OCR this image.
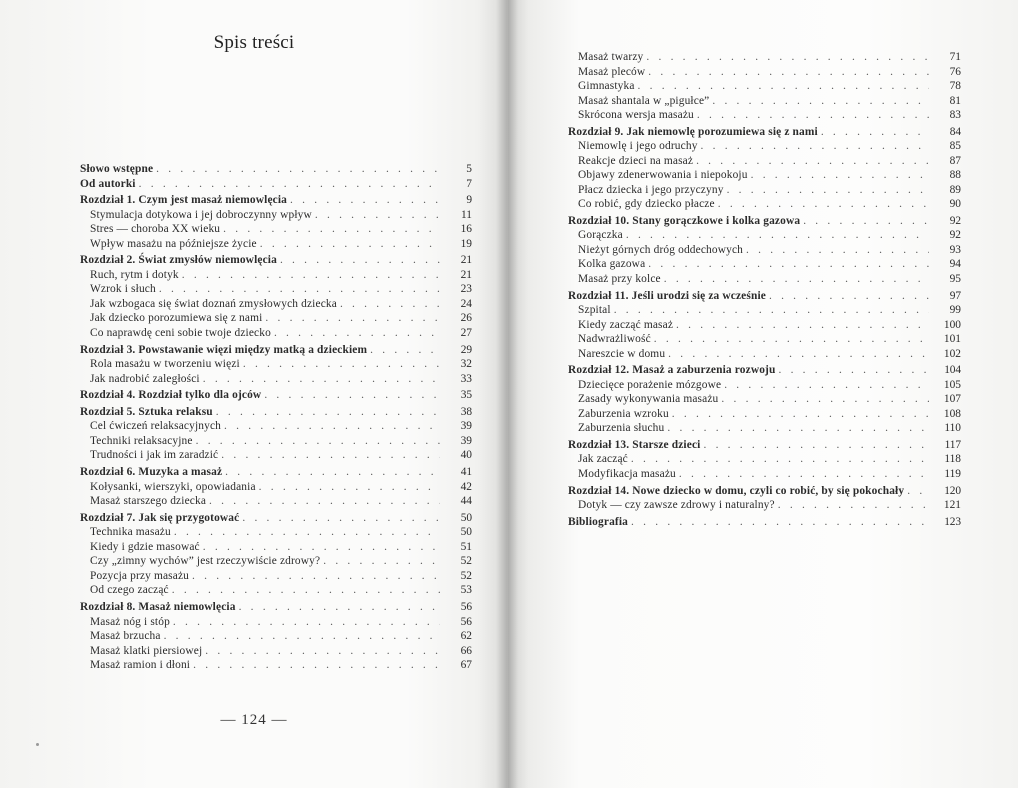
Spis treści
Słowo wstępne . . .	5
Od autorki . . .	7
Rozdział 1. Czym jest masaż niemowlęcia . . .	9
Stymulacja dotykowa i jej dobroczynny wpływ . . .	11
Stres — choroba XX wieku . . .	16
Wpływ masażu na późniejsze życie . . .	19
Rozdział 2. Świat zmysłów niemowlęcia . . .	21
Ruch, rytm i dotyk . . .	21
Wzrok i słuch . . .	23
Jak wzbogaca się świat doznań zmysłowych dziecka . . .	24
Jak dziecko porozumiewa się z nami . . .	26
Co naprawdę ceni sobie twoje dziecko . . .	27
Rozdział 3. Powstawanie więzi między matką a dzieckiem . . .	29
Rola masażu w tworzeniu więzi . . .	32
Jak nadrobić zaległości . . .	33
Rozdział 4. Rozdział tylko dla ojców . . .	35
Rozdział 5. Sztuka relaksu . . .	38
Cel ćwiczeń relaksacyjnych . . .	39
Techniki relaksacyjne . . .	39
Trudności i jak im zaradzić . . .	40
Rozdział 6. Muzyka a masaż . . .	41
Kołysanki, wierszyki, opowiadania . . .	42
Masaż starszego dziecka . . .	44
Rozdział 7. Jak się przygotować . . .	50
Technika masażu . . .	50
Kiedy i gdzie masować . . .	51
Czy „zimny wychów” jest rzeczywiście zdrowy? . . .	52
Pozycja przy masażu . . .	52
Od czego zacząć . . .	53
Rozdział 8. Masaż niemowlęcia . . .	56
Masaż nóg i stóp . . .	56
Masaż brzucha . . .	62
Masaż klatki piersiowej . . .	66
Masaż ramion i dłoni . . .	67
— 124 —
Masaż twarzy . . .	71
Masaż pleców . . .	76
Gimnastyka . . .	78
Masaż shantala w „pigułce” . . .	81
Skrócona wersja masażu . . .	83
Rozdział 9. Jak niemowlę porozumiewa się z nami . . .	84
Niemowlę i jego odruchy . . .	85
Reakcje dzieci na masaż . . .	87
Objawy zdenerwowania i niepokoju . . .	88
Płacz dziecka i jego przyczyny . . .	89
Co robić, gdy dziecko płacze . . .	90
Rozdział 10. Stany gorączkowe i kolka gazowa . . .	92
Gorączka . . .	92
Nieżyt górnych dróg oddechowych . . .	93
Kolka gazowa . . .	94
Masaż przy kolce . . .	95
Rozdział 11. Jeśli urodzi się za wcześnie . . .	97
Szpital . . .	99
Kiedy zacząć masaż . . .	100
Nadwrażliwość . . .	101
Nareszcie w domu . . .	102
Rozdział 12. Masaż a zaburzenia rozwoju . . .	104
Dziecięce porażenie mózgowe . . .	105
Zasady wykonywania masażu . . .	107
Zaburzenia wzroku . . .	108
Zaburzenia słuchu . . .	110
Rozdział 13. Starsze dzieci . . .	117
Jak zacząć . . .	118
Modyfikacja masażu . . .	119
Rozdział 14. Nowe dziecko w domu, czyli co robić, by się pokochały . . .	120
Dotyk — czy zawsze zdrowy i naturalny? . . .	121
Bibliografia . . .	123
